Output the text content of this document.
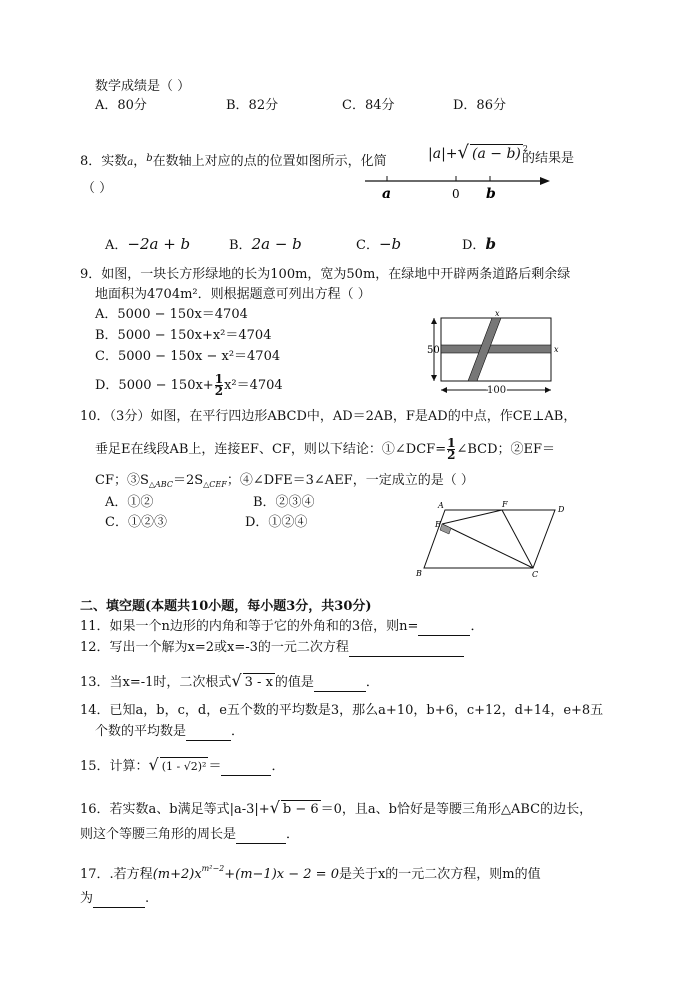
数学成绩是（ ）
A．80分	B．82分	C．84分	D．86分
8．实数a，$^b$在数轴上对应的点的位置如图所示，化简	|a|+√ (a − b) $^2$
的结果是
（ ）	a	0 b
A．−2a + b	B．2a − b	C．−b	D．b
9．如图，一块长方形绿地的长为100m，宽为50m，在绿地中开辟两条道路后剩余绿
地面积为4704m²．则根据题意可列出方程（ ）
A．5000 − 150x＝4704
B．5000 − 150x+x²＝4704
C．5000 − 150x − x²＝4704
D．$5000 - 150x+ \frac{1}{2} x^2=4704$
50
100
x
x
10．（3分）如图，在平行四边形ABCD中，AD＝2AB，F是AD的中点，作CE⊥AB，
垂足E在线段AB上，连接EF、CF，则以下结论：①∠DCF= $\frac{1}{2}$ ∠BCD；②EF＝
CF；$③S_{\triangle ABC}=2S_{\triangle CEF}$；④∠DFE＝3∠AEF，一定成立的是（ ）
A．①②	B．②③④
C．①②③	D．①②④
A	D
F
E
B	C
二、填空题(本题共10小题，每小题3分，共30分)
11．如果一个n边形的内角和等于它的外角和的3倍，则n=	．
12．写出一个解为x=2或x=-3的一元二次方程
13．当x=-1时，二次根式√ 3 - x 的值是	．
14．已知a，b，c，d，e五个数的平均数是3，那么a+10，b+6，c+12，d+14，e+8五
个数的平均数是	．
15．计算：√ (1 - √2)² ＝	．
16．若实数a、b满足等式|a-3|+√ b − 6 ＝0，且a、b恰好是等腰三角形△ABC的边长，
则这个等腰三角形的周长是	．
17．.若方程$(m+2)x^{m^2-2}+(m-1)x - 2 = 0$是关于x的一元二次方程，则m的值
为	.
